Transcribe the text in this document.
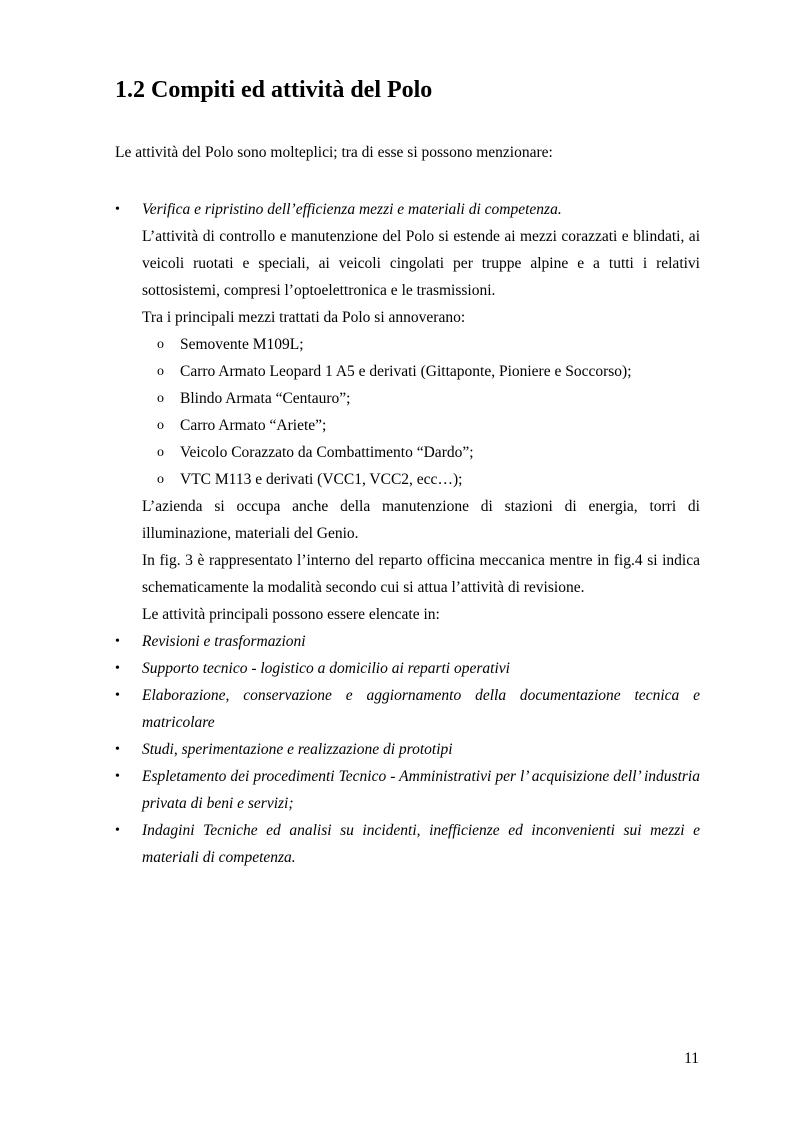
1.2 Compiti ed attività del Polo
Le attività del Polo sono molteplici; tra di esse si possono menzionare:
• Verifica e ripristino dell’efficienza mezzi e materiali di competenza.
L’attività di controllo e manutenzione del Polo si estende ai mezzi corazzati e blindati, ai veicoli ruotati e speciali, ai veicoli cingolati per truppe alpine e a tutti i relativi sottosistemi, compresi l’optoelettronica e le trasmissioni.
Tra i principali mezzi trattati da Polo si annoverano:
o Semovente M109L;
o Carro Armato Leopard 1 A5 e derivati (Gittaponte, Pioniere e Soccorso);
o Blindo Armata “Centauro”;
o Carro Armato “Ariete”;
o Veicolo Corazzato da Combattimento “Dardo”;
o VTC M113 e derivati (VCC1, VCC2, ecc…);
L’azienda si occupa anche della manutenzione di stazioni di energia, torri di illuminazione, materiali del Genio.
In fig. 3 è rappresentato l’interno del reparto officina meccanica mentre in fig.4 si indica schematicamente la modalità secondo cui si attua l’attività di revisione.
Le attività principali possono essere elencate in:
• Revisioni e trasformazioni
• Supporto tecnico - logistico a domicilio ai reparti operativi
• Elaborazione, conservazione e aggiornamento della documentazione tecnica e matricolare
• Studi, sperimentazione e realizzazione di prototipi
• Espletamento dei procedimenti Tecnico - Amministrativi per l’ acquisizione dell’ industria privata di beni e servizi;
• Indagini Tecniche ed analisi su incidenti, inefficienze ed inconvenienti sui mezzi e materiali di competenza.
11
